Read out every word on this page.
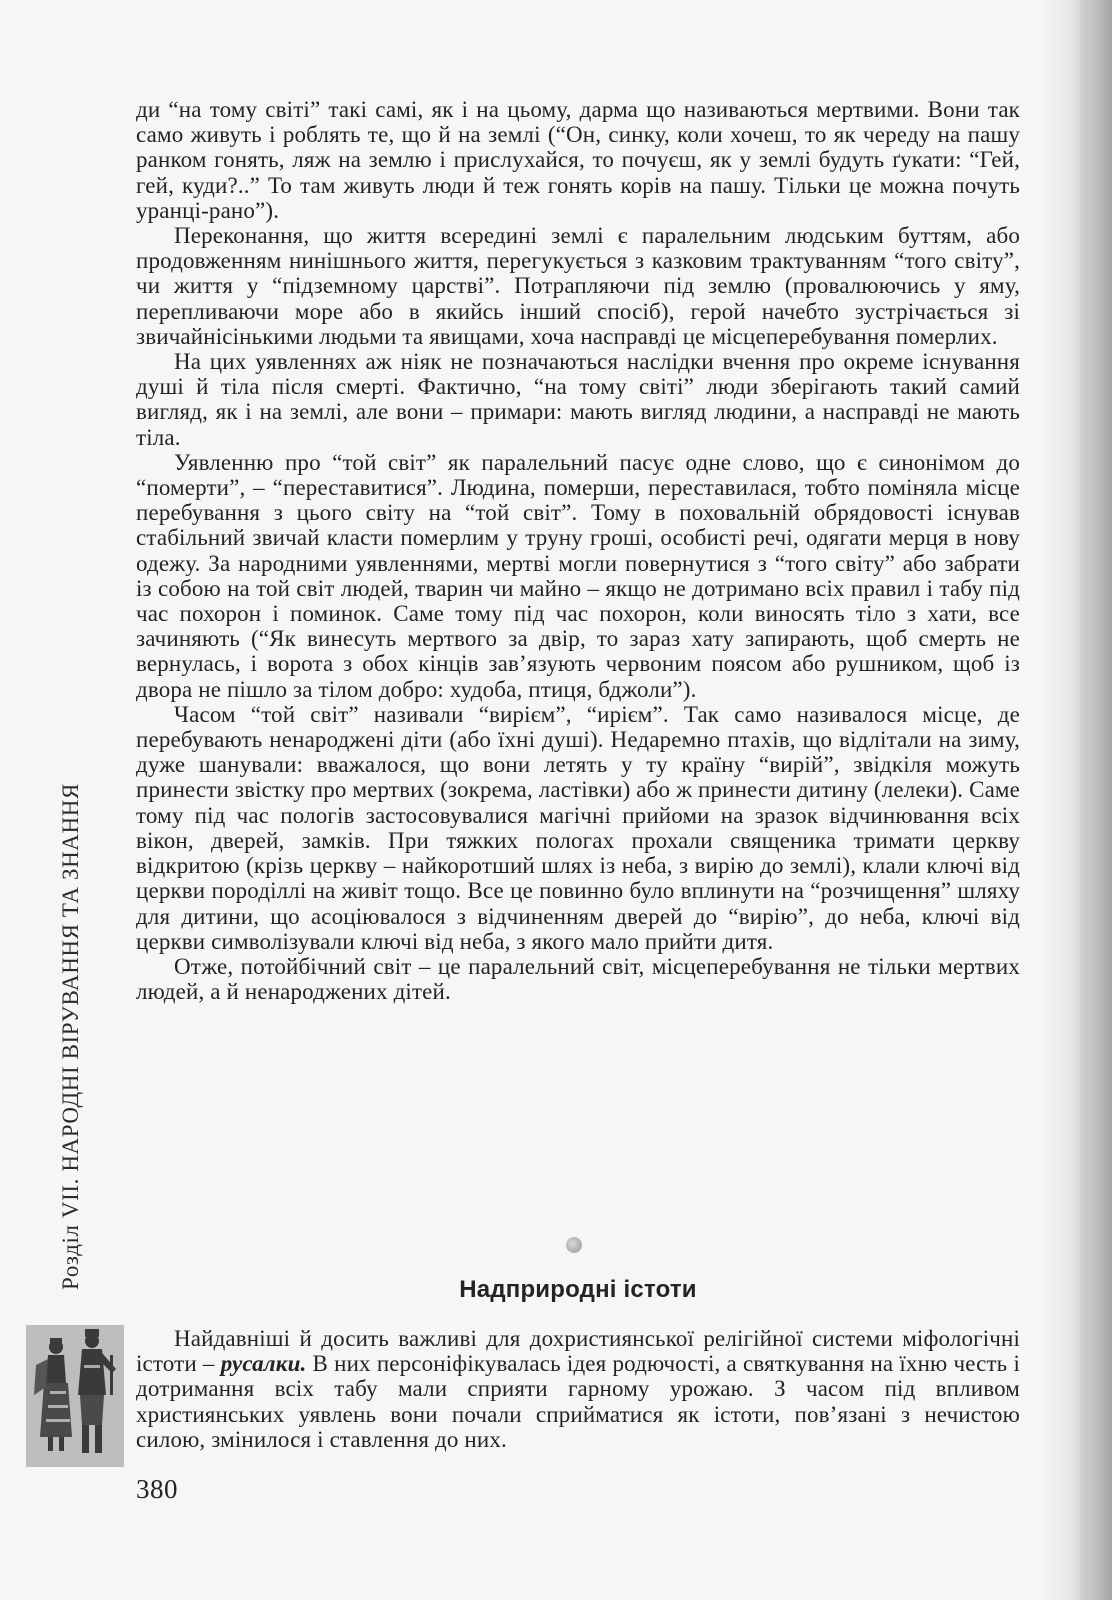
Розділ VII. НАРОДНІ ВІРУВАННЯ ТА ЗНАННЯ

ди “на тому світі” такі самі, як і на цьому, дарма що називаються мертвими. Вони так само живуть і роблять те, що й на землі (“Он, синку, коли хочеш, то як череду на пашу ранком гонять, ляж на землю і прислухайся, то почуєш, як у землі будуть ґукати: “Гей, гей, куди?..” То там живуть люди й теж гонять корів на пашу. Тільки це можна почуть уранці-рано”).

Переконання, що життя всередині землі є паралельним людським буттям, або продовженням нинішнього життя, перегукується з казковим трактуванням “того світу”, чи життя у “підземному царстві”. Потрапляючи під землю (провалюючись у яму, перепливаючи море або в якийсь інший спосіб), герой начебто зустрічається зі звичайнісінькими людьми та явищами, хоча насправді це місцеперебування померлих.

На цих уявленнях аж ніяк не позначаються наслідки вчення про окреме існування душі й тіла після смерті. Фактично, “на тому світі” люди зберігають такий самий вигляд, як і на землі, але вони – примари: мають вигляд людини, а насправді не мають тіла.

Уявленню про “той світ” як паралельний пасує одне слово, що є синонімом до “померти”, – “переставитися”. Людина, померши, переставилася, тобто поміняла місце перебування з цього світу на “той світ”. Тому в поховальній обрядовості існував стабільний звичай класти померлим у труну гроші, особисті речі, одягати мерця в нову одежу. За народними уявленнями, мертві могли повернутися з “того світу” або забрати із собою на той світ людей, тварин чи майно – якщо не дотримано всіх правил і табу під час похорон і поминок. Саме тому під час похорон, коли виносять тіло з хати, все зачиняють (“Як винесуть мертвого за двір, то зараз хату запирають, щоб смерть не вернулась, і ворота з обох кінців зав’язують червоним поясом або рушником, щоб із двора не пішло за тілом добро: худоба, птиця, бджоли”).

Часом “той світ” називали “вирієм”, “ирієм”. Так само називалося місце, де перебувають ненароджені діти (або їхні душі). Недаремно птахів, що відлітали на зиму, дуже шанували: вважалося, що вони летять у ту країну “вирій”, звідкіля можуть принести звістку про мертвих (зокрема, ластівки) або ж принести дитину (лелеки). Саме тому під час пологів застосовувалися магічні прийоми на зразок відчинювання всіх вікон, дверей, замків. При тяжких пологах прохали священика тримати церкву відкритою (крізь церкву – найкоротший шлях із неба, з вирію до землі), клали ключі від церкви породіллі на живіт тощо. Все це повинно було вплинути на “розчищення” шляху для дитини, що асоціювалося з відчиненням дверей до “вирію”, до неба, ключі від церкви символізували ключі від неба, з якого мало прийти дитя.

Отже, потойбічний світ – це паралельний світ, місцеперебування не тільки мертвих людей, а й ненароджених дітей.

Надприродні істоти

Найдавніші й досить важливі для дохристиянської релігійної системи міфологічні істоти – русалки. В них персоніфікувалась ідея родючості, а святкування на їхню честь і дотримання всіх табу мали сприяти гарному урожаю. З часом під впливом християнських уявлень вони почали сприйматися як істоти, пов’язані з нечистою силою, змінилося і ставлення до них.

380
